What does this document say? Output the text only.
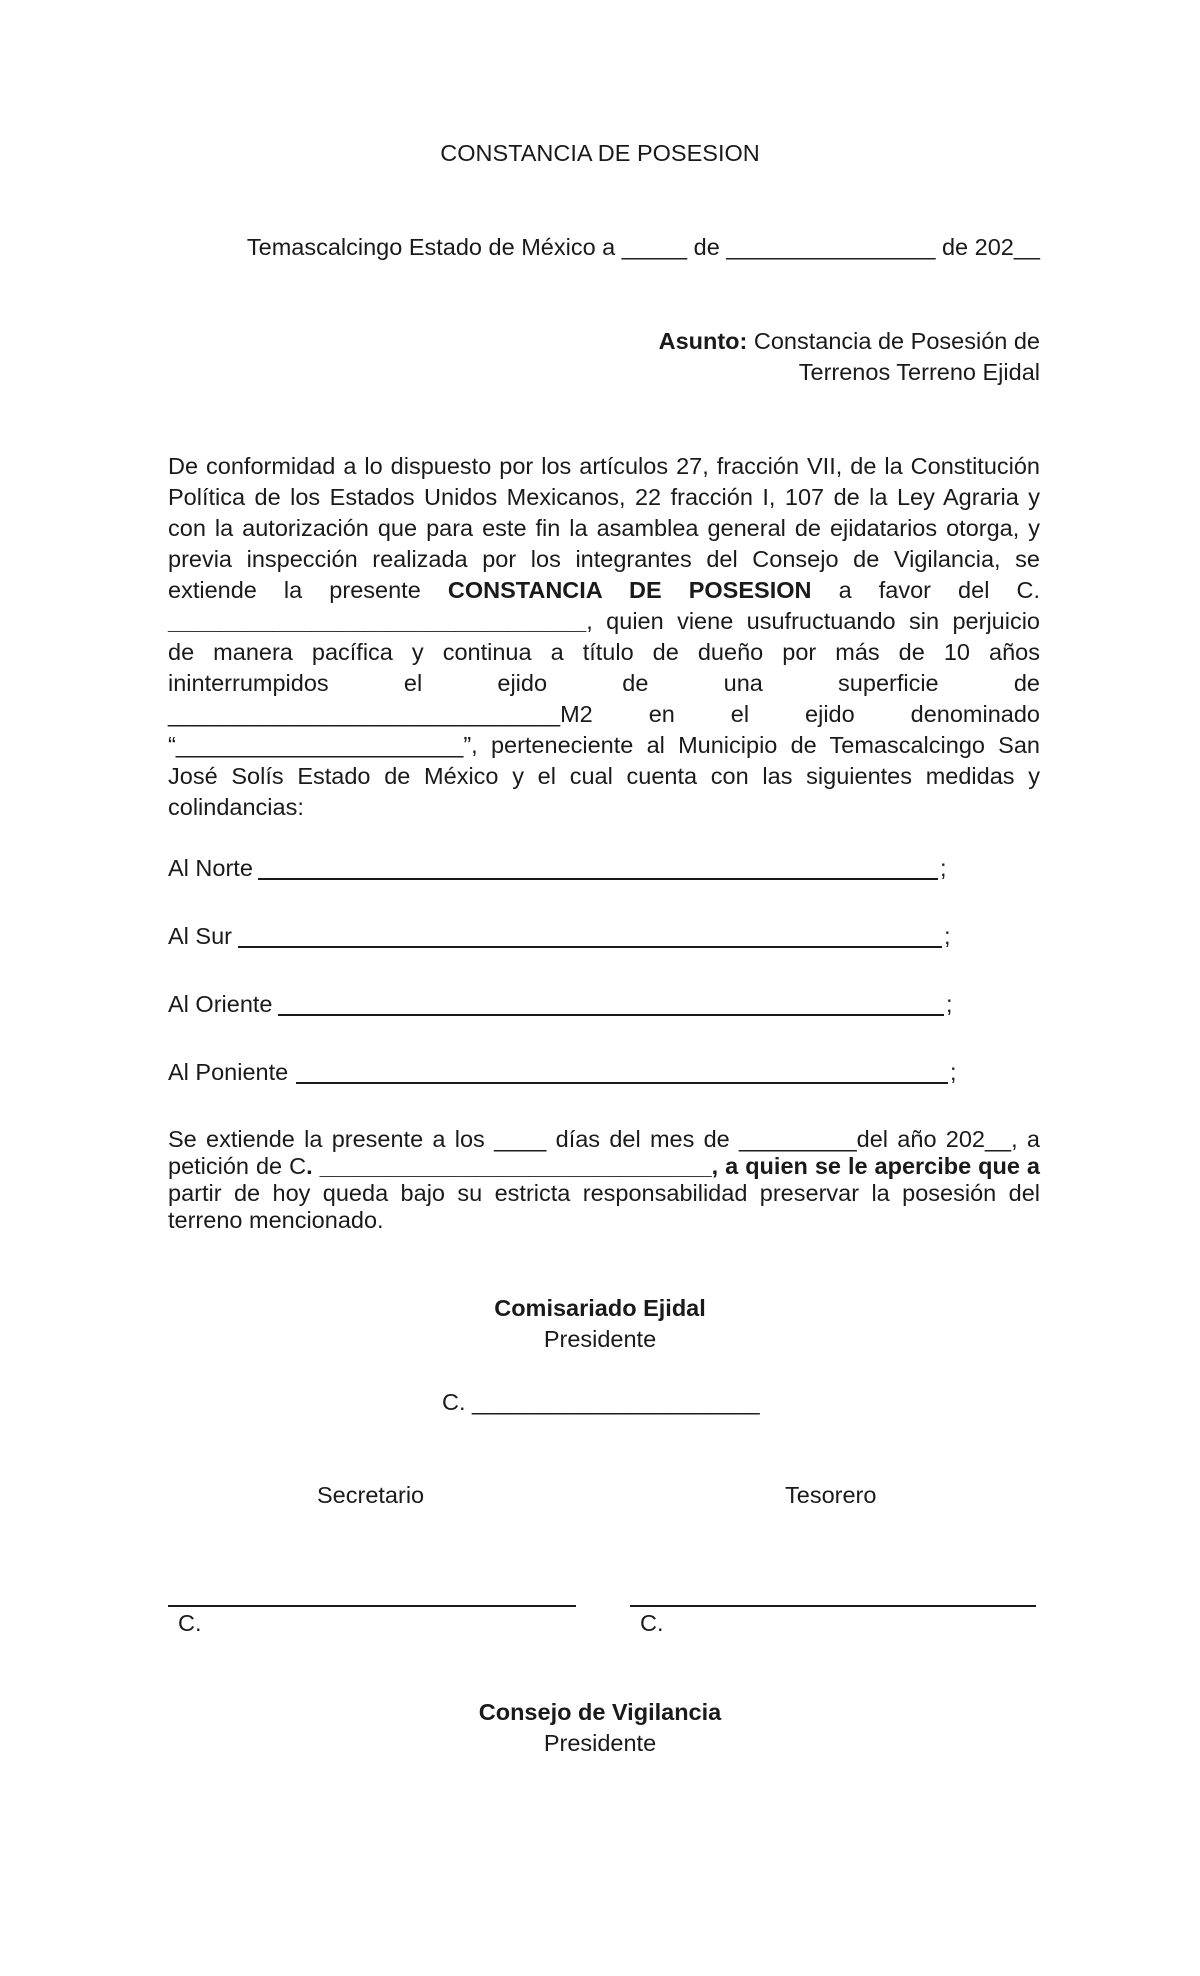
CONSTANCIA DE POSESION
Temascalcingo Estado de México a _____ de ________________ de 202__
Asunto: Constancia de Posesión de
Terrenos Terreno Ejidal
De conformidad a lo dispuesto por los artículos 27, fracción VII, de la Constitución
Política de los Estados Unidos Mexicanos, 22 fracción I, 107 de la Ley Agraria y
con la autorización que para este fin la asamblea general de ejidatarios otorga, y
previa inspección realizada por los integrantes del Consejo de Vigilancia, se
extiende la presente CONSTANCIA DE POSESION a favor del C.
________________________________, quien viene usufructuando sin perjuicio
de manera pacífica y continua a título de dueño por más de 10 años
ininterrumpidos el ejido de una superficie de
______________________________M2 en el ejido denominado
“______________________”, perteneciente al Municipio de Temascalcingo San
José Solís Estado de México y el cual cuenta con las siguientes medidas y
colindancias:
Al Norte	;
Al Sur	;
Al Oriente	;
Al Poniente	;
Se extiende la presente a los ____ días del mes de _________del año 202__, a
petición de C. ______________________________, a quien se le apercibe que a
partir de hoy queda bajo su estricta responsabilidad preservar la posesión del
terreno mencionado.
Comisariado Ejidal
Presidente
C. ______________________
Secretario	Tesorero
C.	C.
Consejo de Vigilancia
Presidente
